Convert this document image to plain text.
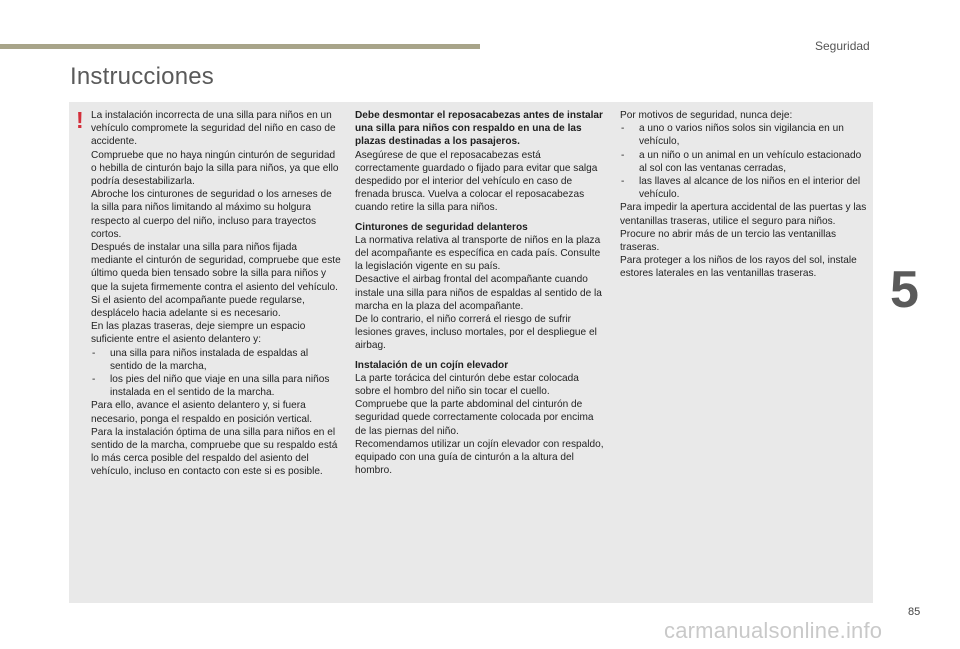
Seguridad
Instrucciones
! La instalación incorrecta de una silla para niños en un vehículo compromete la seguridad del niño en caso de accidente.

Compruebe que no haya ningún cinturón de seguridad o hebilla de cinturón bajo la silla para niños, ya que ello podría desestabilizarla.

Abroche los cinturones de seguridad o los arneses de la silla para niños limitando al máximo su holgura respecto al cuerpo del niño, incluso para trayectos cortos.

Después de instalar una silla para niños fijada mediante el cinturón de seguridad, compruebe que este último queda bien tensado sobre la silla para niños y que la sujeta firmemente contra el asiento del vehículo. Si el asiento del acompañante puede regularse, desplácelo hacia adelante si es necesario.

En las plazas traseras, deje siempre un espacio suficiente entre el asiento delantero y:

- una silla para niños instalada de espaldas al sentido de la marcha,
- los pies del niño que viaje en una silla para niños instalada en el sentido de la marcha.

Para ello, avance el asiento delantero y, si fuera necesario, ponga el respaldo en posición vertical.

Para la instalación óptima de una silla para niños en el sentido de la marcha, compruebe que su respaldo está lo más cerca posible del respaldo del asiento del vehículo, incluso en contacto con este si es posible.

Debe desmontar el reposacabezas antes de instalar una silla para niños con respaldo en una de las plazas destinadas a los pasajeros.

Asegúrese de que el reposacabezas está correctamente guardado o fijado para evitar que salga despedido por el interior del vehículo en caso de frenada brusca. Vuelva a colocar el reposacabezas cuando retire la silla para niños.

Cinturones de seguridad delanteros

La normativa relativa al transporte de niños en la plaza del acompañante es específica en cada país. Consulte la legislación vigente en su país.

Desactive el airbag frontal del acompañante cuando instale una silla para niños de espaldas al sentido de la marcha en la plaza del acompañante.

De lo contrario, el niño correrá el riesgo de sufrir lesiones graves, incluso mortales, por el despliegue el airbag.

Instalación de un cojín elevador

La parte torácica del cinturón debe estar colocada sobre el hombro del niño sin tocar el cuello.

Compruebe que la parte abdominal del cinturón de seguridad quede correctamente colocada por encima de las piernas del niño.

Recomendamos utilizar un cojín elevador con respaldo, equipado con una guía de cinturón a la altura del hombro.

Por motivos de seguridad, nunca deje:

- a uno o varios niños solos sin vigilancia en un vehículo,
- a un niño o un animal en un vehículo estacionado al sol con las ventanas cerradas,
- las llaves al alcance de los niños en el interior del vehículo.

Para impedir la apertura accidental de las puertas y las ventanillas traseras, utilice el seguro para niños.

Procure no abrir más de un tercio las ventanillas traseras.

Para proteger a los niños de los rayos del sol, instale estores laterales en las ventanillas traseras.	5
85
carmanualsonline.info
